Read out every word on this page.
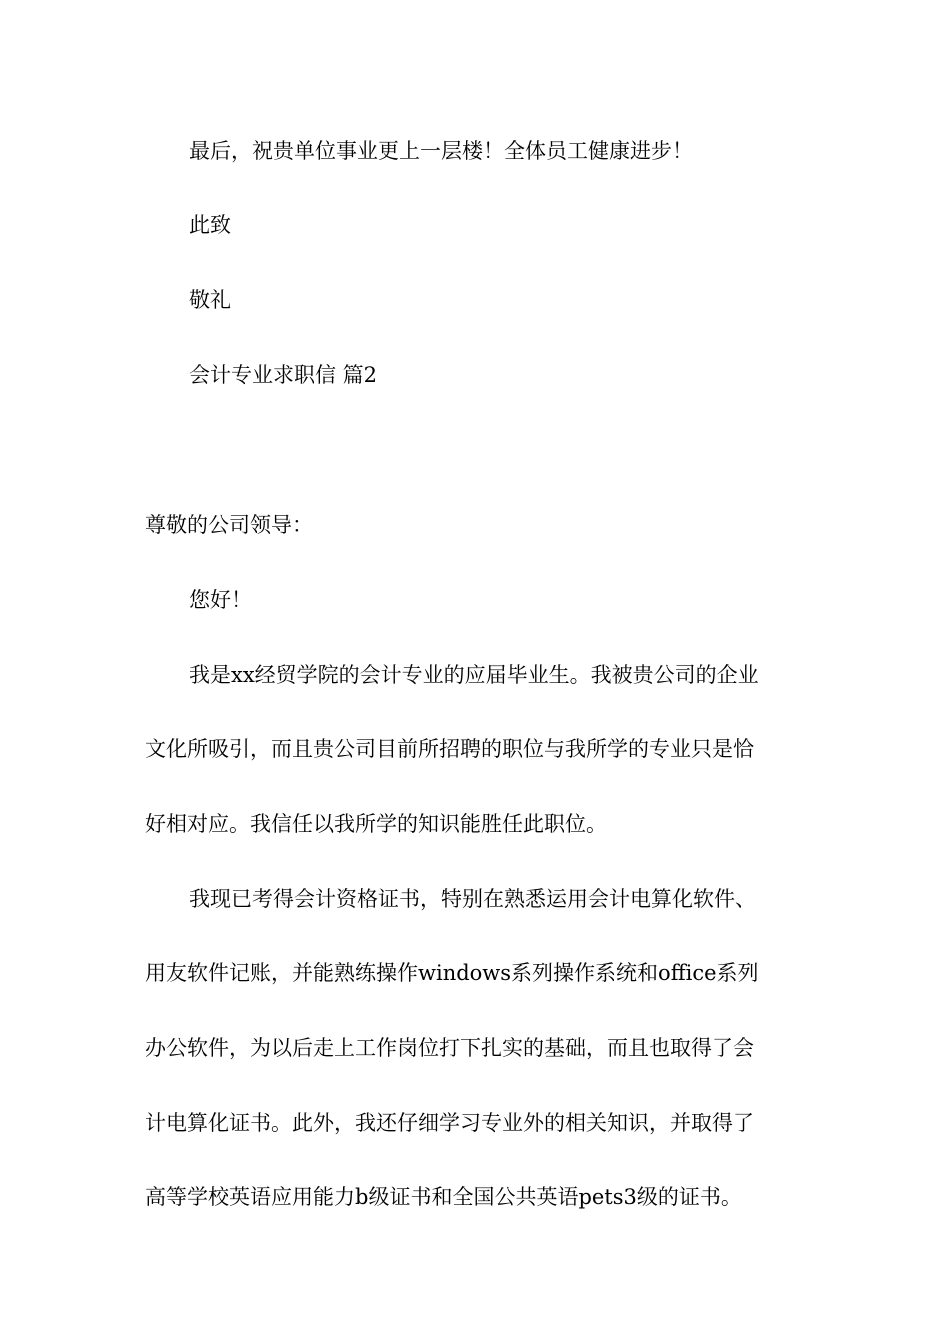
最后，祝贵单位事业更上一层楼！全体员工健康进步！

此致

敬礼

会计专业求职信 篇2

尊敬的公司领导：

您好！

我是xx经贸学院的会计专业的应届毕业生。我被贵公司的企业

文化所吸引，而且贵公司目前所招聘的职位与我所学的专业只是恰

好相对应。我信任以我所学的知识能胜任此职位。

我现已考得会计资格证书，特别在熟悉运用会计电算化软件、

用友软件记账，并能熟练操作windows系列操作系统和office系列

办公软件，为以后走上工作岗位打下扎实的基础，而且也取得了会

计电算化证书。此外，我还仔细学习专业外的相关知识，并取得了

高等学校英语应用能力b级证书和全国公共英语pets3级的证书。
